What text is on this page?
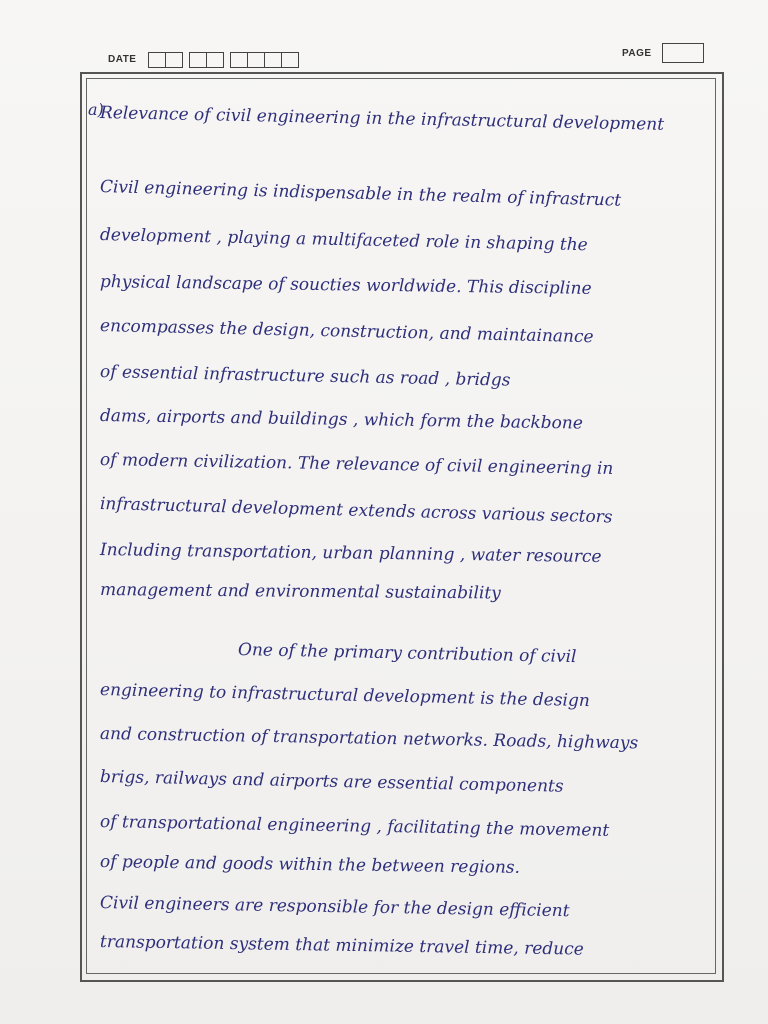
DATE
PAGE
a)
Relevance of civil engineering in the infrastructural development
Civil engineering is indispensable in the realm of infrastruct
development , playing a multifaceted role in shaping the
physical landscape of soucties worldwide. This discipline
encompasses the design, construction, and maintainance
of essential infrastructure such as road , bridgs
dams, airports and buildings , which form the backbone
of modern civilization. The relevance of civil engineering in
infrastructural development extends across various sectors
Including transportation, urban planning , water resource
management and environmental sustainability
One of the primary contribution of civil
engineering to infrastructural development is the design
and construction of transportation networks. Roads, highways
brigs, railways and airports are essential components
of transportational engineering , facilitating the movement
of people and goods within the between regions.
Civil engineers are responsible for the design efficient
transportation system that minimize travel time, reduce
